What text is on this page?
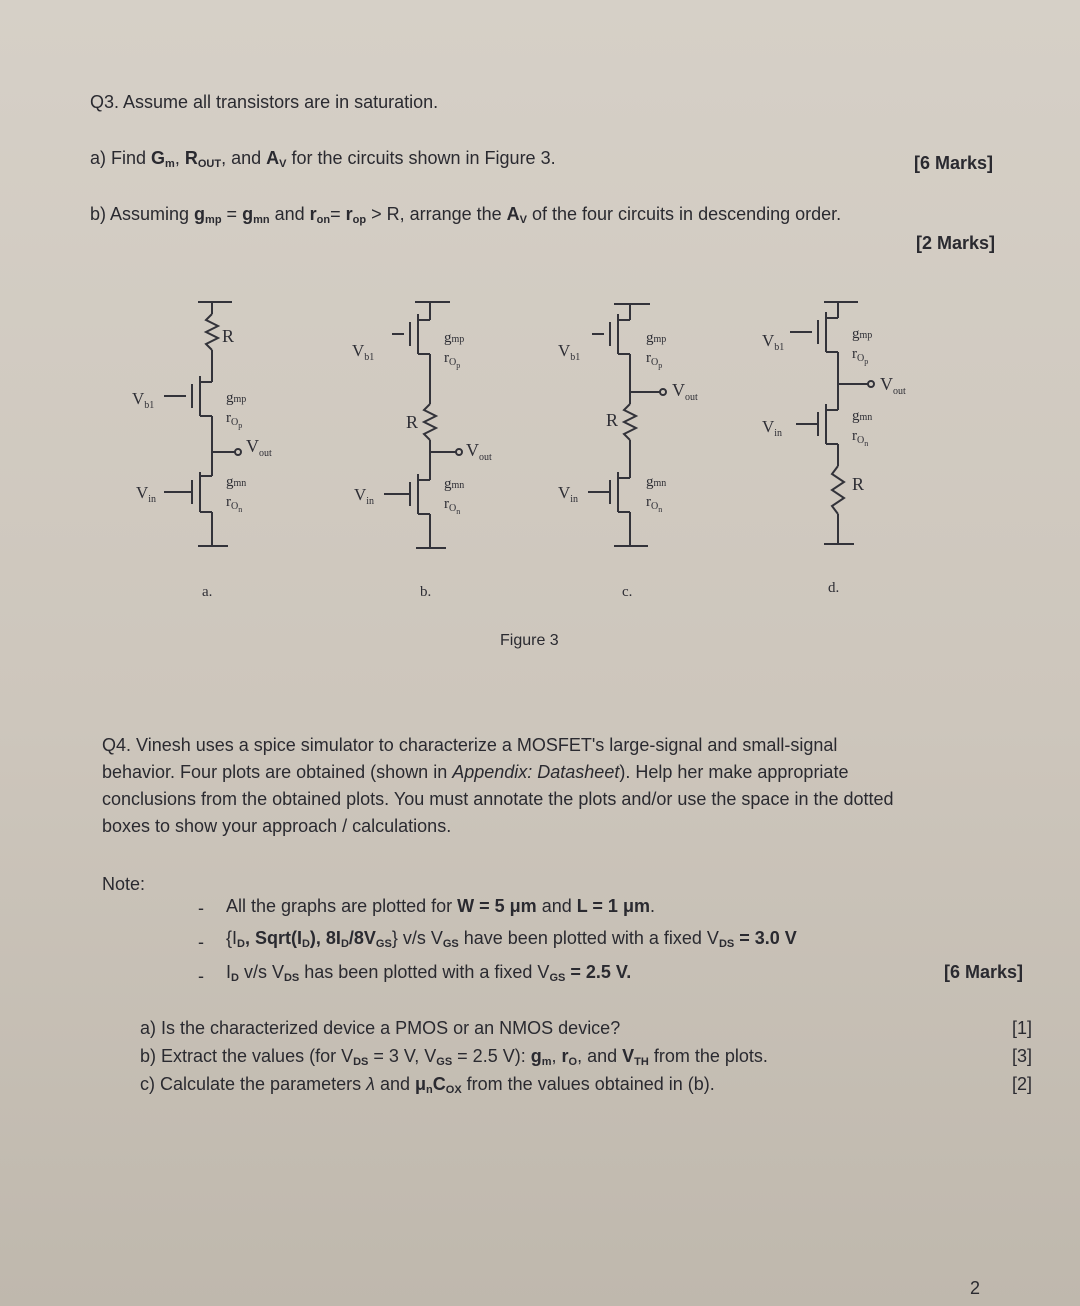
Q3. Assume all transistors are in saturation.
a) Find $G_m$, $R_{OUT}$, and $A_V$ for the circuits shown in Figure 3.	[6 Marks]
b) Assuming $g_{mp} = g_{mn}$ and $r_{on}= r_{op} > R$, arrange the $A_V$ of the four circuits in descending order.
[2 Marks]
R
$V_{b1}$	gmp
$r_{Op}$
$V_{out}$
$V_{in}$
gmn
$r_{On}$
a.
$V_{b1}$
gmp
$r_{Op}$
R
$V_{out}$
$V_{in}$
gmn
$r_{On}$
b.
$V_{b1}$
gmp
$r_{Op}$
$V_{out}$
R
$V_{in}$
gmn
$r_{On}$
c.
$V_{b1}$
gmp
$r_{Op}$
$V_{out}$
$V_{in}$
gmn
$r_{On}$
R
d.
Figure 3
Q4. Vinesh uses a spice simulator to characterize a MOSFET's large-signal and small-signal
behavior. Four plots are obtained (shown in Appendix: Datasheet). Help her make appropriate
conclusions from the obtained plots. You must annotate the plots and/or use the space in the dotted
boxes to show your approach / calculations.
Note:
- All the graphs are plotted for W = 5 μm and L = 1 μm.
- {$I_D$, $Sqrt(I_D)$, $8I_D/8V_{GS}$} v/s $V_{GS}$ have been plotted with a fixed $V_{DS} = 3.0$ V
- $I_D$ v/s $V_{DS}$ has been plotted with a fixed $V_{GS} = 2.5$ V.	[6 Marks]
a) Is the characterized device a PMOS or an NMOS device?	[1]
b) Extract the values (for $V_{DS} = 3$ V, $V_{GS} = 2.5$ V): $g_m$, $r_O$, and $V_{TH}$ from the plots.	[3]
c) Calculate the parameters λ and $\mu_nC_{OX}$ from the values obtained in (b).	[2]
2
